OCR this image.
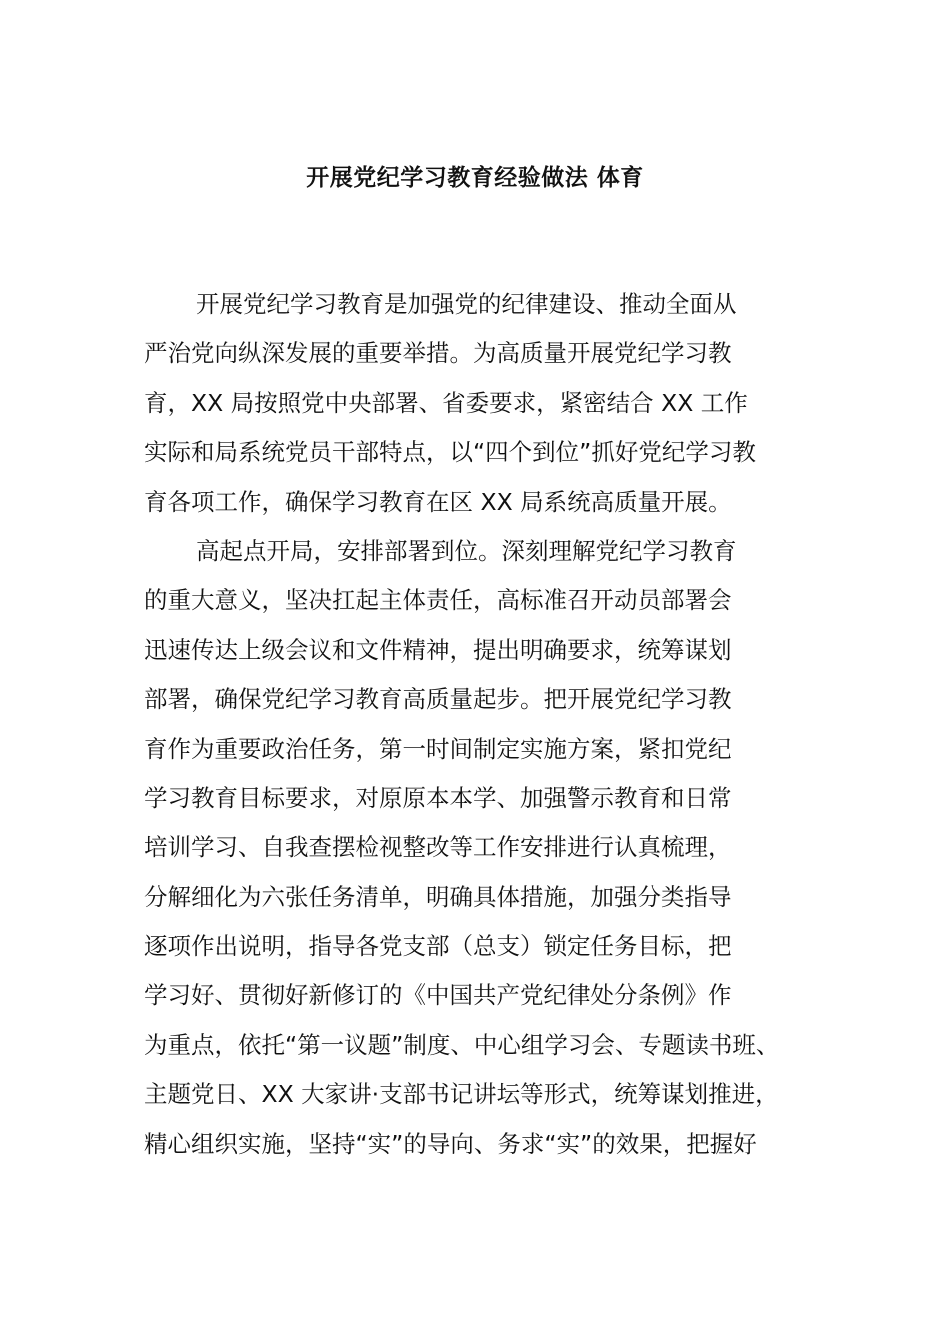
开展党纪学习教育经验做法 体育
开展党纪学习教育是加强党的纪律建设、推动全面从
严治党向纵深发展的重要举措。为高质量开展党纪学习教
育，XX 局按照党中央部署、省委要求，紧密结合 XX 工作
实际和局系统党员干部特点，以“四个到位”抓好党纪学习教
育各项工作，确保学习教育在区 XX 局系统高质量开展。
高起点开局，安排部署到位。深刻理解党纪学习教育
的重大意义，坚决扛起主体责任，高标准召开动员部署会
迅速传达上级会议和文件精神，提出明确要求，统筹谋划
部署，确保党纪学习教育高质量起步。把开展党纪学习教
育作为重要政治任务，第一时间制定实施方案，紧扣党纪
学习教育目标要求，对原原本本学、加强警示教育和日常
培训学习、自我查摆检视整改等工作安排进行认真梳理，
分解细化为六张任务清单，明确具体措施，加强分类指导
逐项作出说明，指导各党支部（总支）锁定任务目标，把
学习好、贯彻好新修订的《中国共产党纪律处分条例》作
为重点，依托“第一议题”制度、中心组学习会、专题读书班、
主题党日、XX 大家讲·支部书记讲坛等形式，统筹谋划推进，
精心组织实施，坚持“实”的导向、务求“实”的效果，把握好
